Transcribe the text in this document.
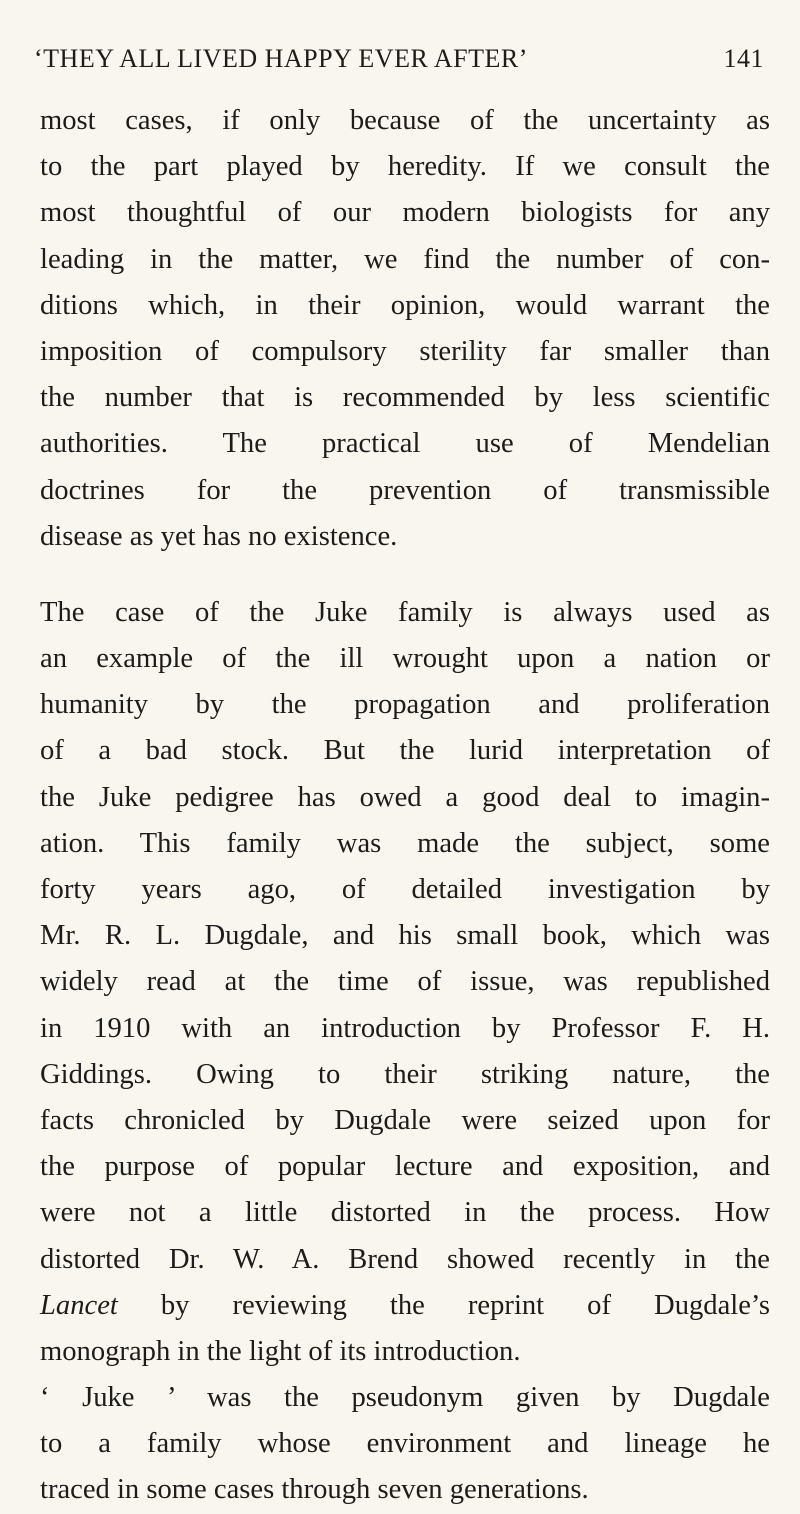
‘THEY ALL LIVED HAPPY EVER AFTER’	141
most cases, if only because of the uncertainty as
to the part played by heredity. If we consult the
most thoughtful of our modern biologists for any
leading in the matter, we find the number of con-
ditions which, in their opinion, would warrant the
imposition of compulsory sterility far smaller than
the number that is recommended by less scientific
authorities. The practical use of Mendelian
doctrines for the prevention of transmissible
disease as yet has no existence.
The case of the Juke family is always used as
an example of the ill wrought upon a nation or
humanity by the propagation and proliferation
of a bad stock. But the lurid interpretation of
the Juke pedigree has owed a good deal to imagin-
ation. This family was made the subject, some
forty years ago, of detailed investigation by
Mr. R. L. Dugdale, and his small book, which was
widely read at the time of issue, was republished
in 1910 with an introduction by Professor F. H.
Giddings. Owing to their striking nature, the
facts chronicled by Dugdale were seized upon for
the purpose of popular lecture and exposition, and
were not a little distorted in the process. How
distorted Dr. W. A. Brend showed recently in the
Lancet by reviewing the reprint of Dugdale’s
monograph in the light of its introduction.
‘ Juke ’ was the pseudonym given by Dugdale
to a family whose environment and lineage he
traced in some cases through seven generations.
